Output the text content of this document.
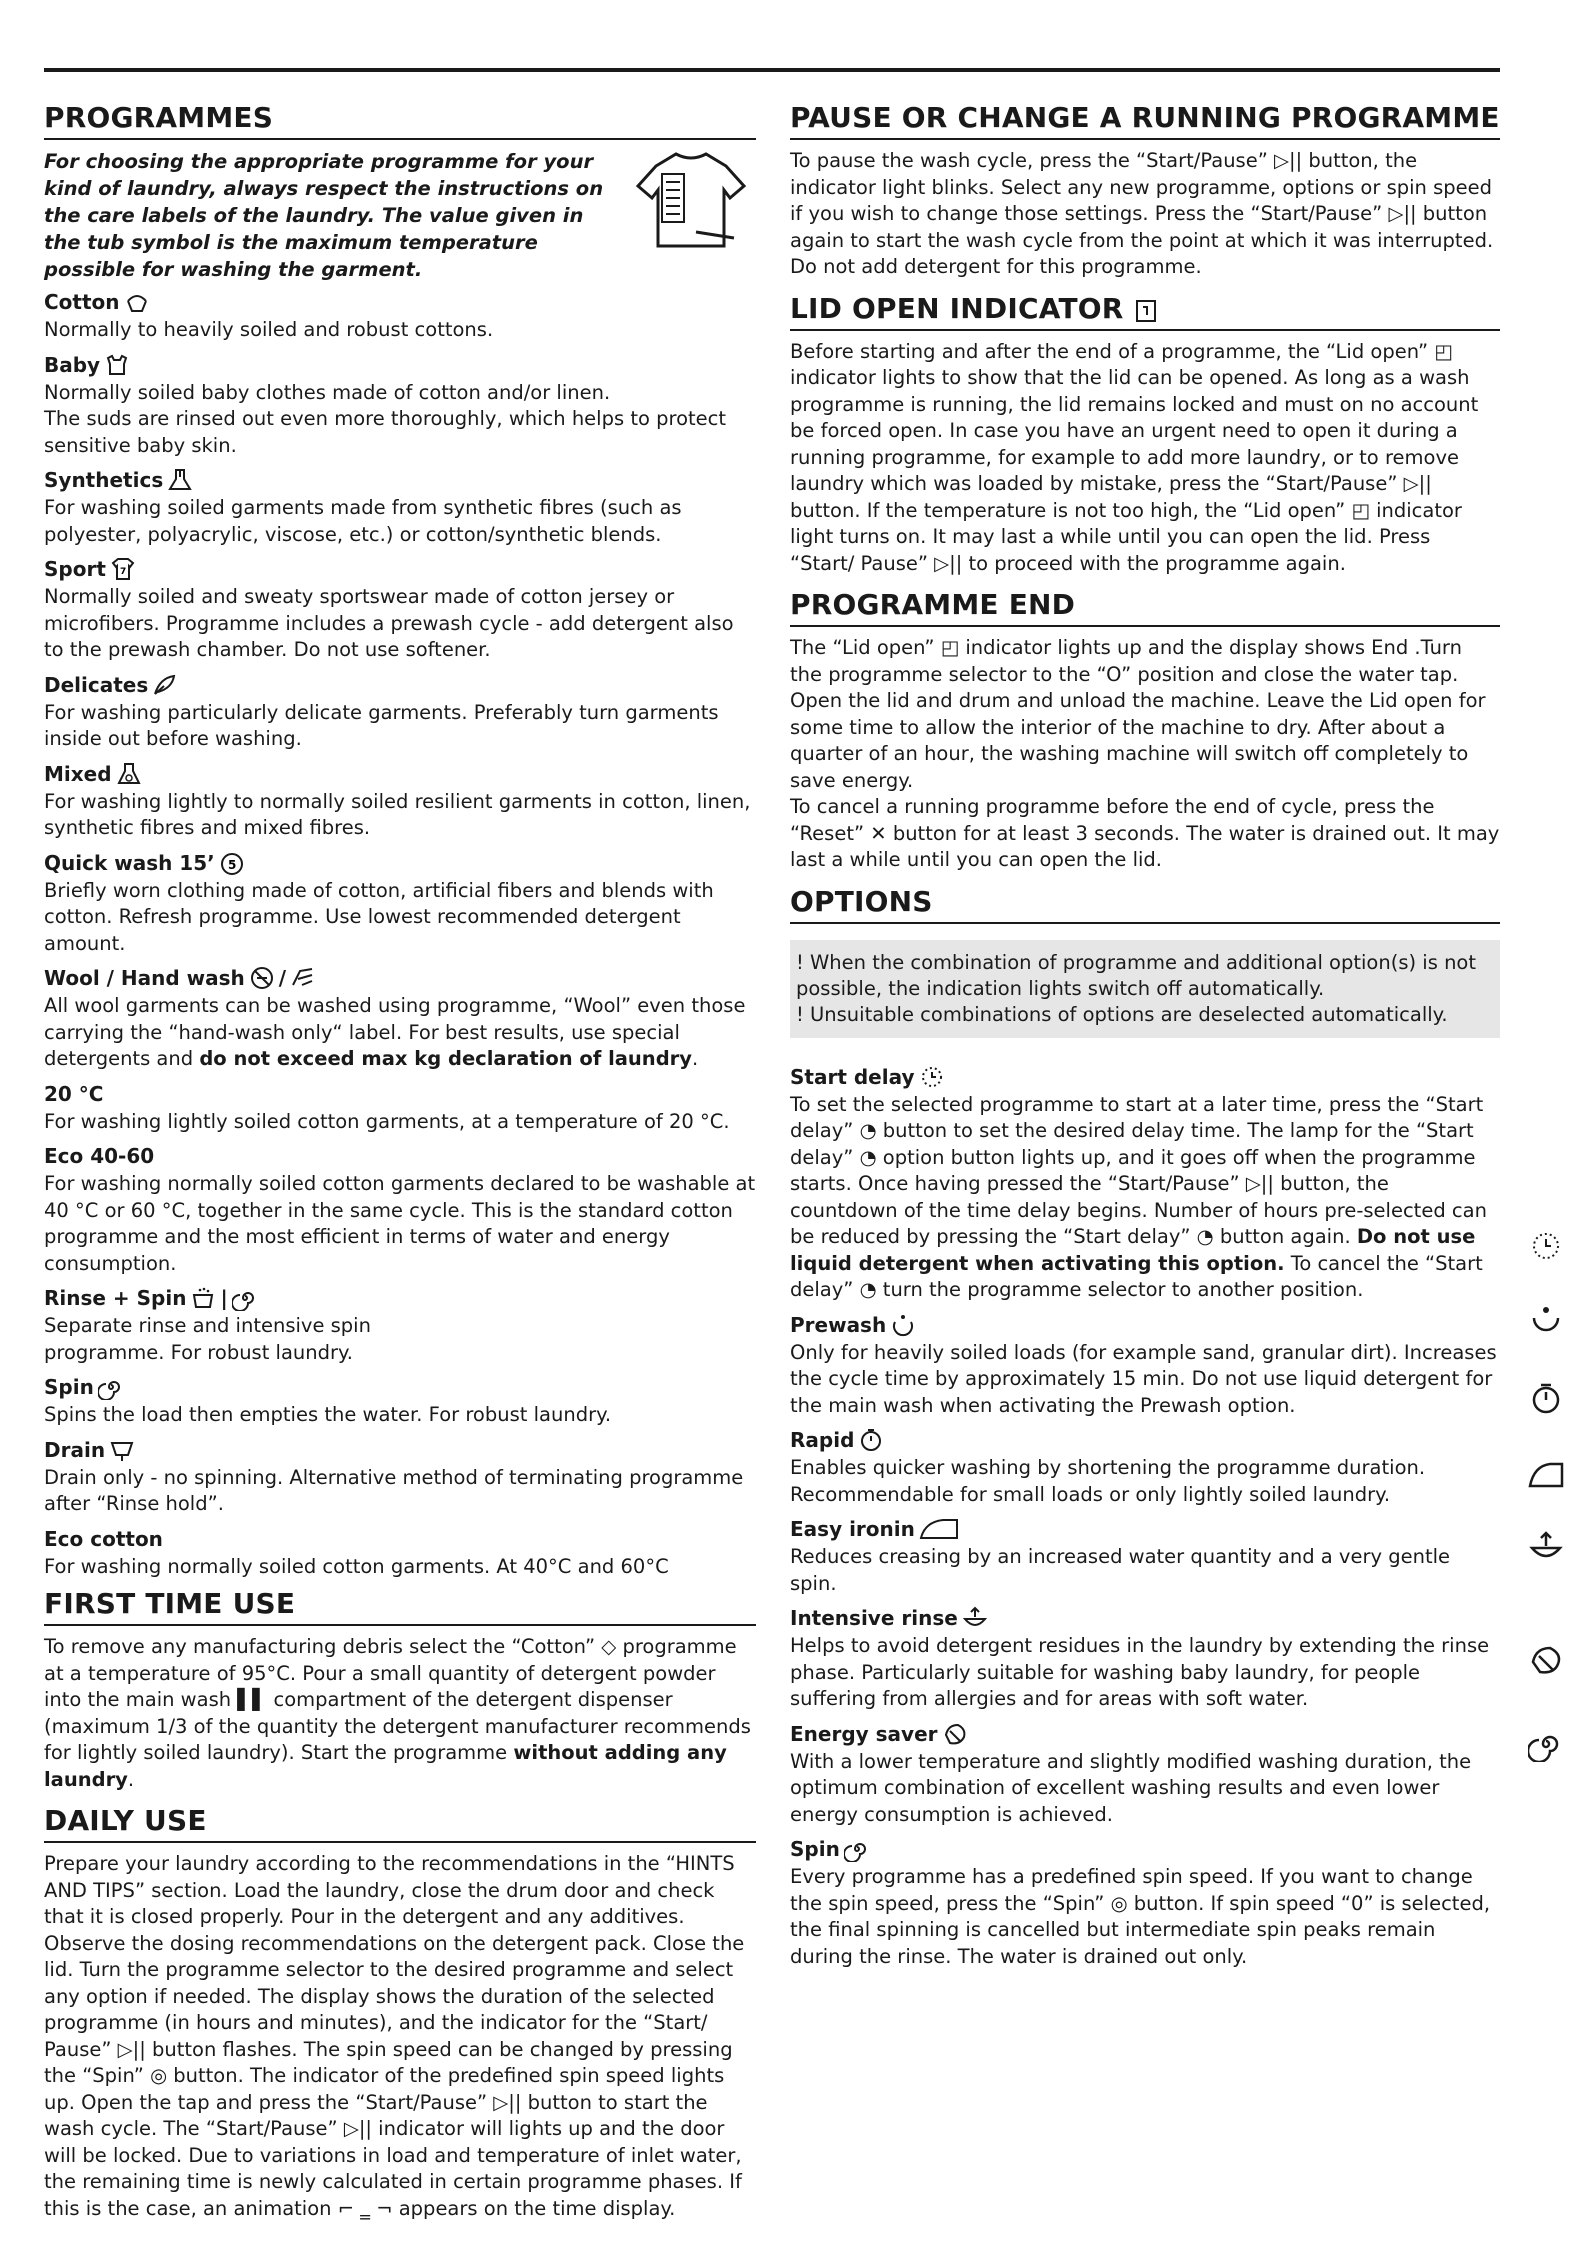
PROGRAMMES
For choosing the appropriate programme for your kind of laundry, always respect the instructions on the care labels of the laundry. The value given in the tub symbol is the maximum temperature possible for washing the garment.
Cotton
Normally to heavily soiled and robust cottons.
Baby
Normally soiled baby clothes made of cotton and/or linen.
The suds are rinsed out even more thoroughly, which helps to protect sensitive baby skin.
Synthetics
For washing soiled garments made from synthetic fibres (such as polyester, polyacrylic, viscose, etc.) or cotton/synthetic blends.
Sport 7
Normally soiled and sweaty sportswear made of cotton jersey or microfibers. Programme includes a prewash cycle - add detergent also to the prewash chamber. Do not use softener.
Delicates
For washing particularly delicate garments. Preferably turn garments inside out before washing.
Mixed
For washing lightly to normally soiled resilient garments in cotton, linen, synthetic fibres and mixed fibres.
Quick wash 15’ 5
Briefly worn clothing made of cotton, artificial fibers and blends with cotton. Refresh programme. Use lowest recommended detergent amount.
Wool / Hand wash /
All wool garments can be washed using programme, “Wool” even those carrying the “hand-wash only“ label. For best results, use special detergents and do not exceed max kg declaration of laundry.
20 °C
For washing lightly soiled cotton garments, at a temperature of 20 °C.
Eco 40-60
For washing normally soiled cotton garments declared to be washable at 40 °C or 60 °C, together in the same cycle. This is the standard cotton programme and the most efficient in terms of water and energy consumption.
Rinse + Spin |
Separate rinse and intensive spin programme. For robust laundry.
Spin
Spins the load then empties the water. For robust laundry.
Drain
Drain only - no spinning. Alternative method of terminating programme after “Rinse hold”.
Eco cotton
For washing normally soiled cotton garments. At 40°C and 60°C
FIRST TIME USE

To remove any manufacturing debris select the “Cotton” ◇ programme at a temperature of 95°C. Pour a small quantity of detergent powder into the main wash ▌▌ compartment of the detergent dispenser (maximum 1/3 of the quantity the detergent manufacturer recommends for lightly soiled laundry). Start the programme without adding any laundry.

DAILY USE

Prepare your laundry according to the recommendations in the “HINTS AND TIPS” section. Load the laundry, close the drum door and check that it is closed properly. Pour in the detergent and any additives. Observe the dosing recommendations on the detergent pack. Close the lid. Turn the programme selector to the desired programme and select any option if needed. The display shows the duration of the selected programme (in hours and minutes), and the indicator for the “Start/ Pause” ▷|| button flashes. The spin speed can be changed by pressing the “Spin” ◎ button. The indicator of the predefined spin speed lights up. Open the tap and press the “Start/Pause” ▷|| button to start the wash cycle. The “Start/Pause” ▷|| indicator will lights up and the door will be locked. Due to variations in load and temperature of inlet water, the remaining time is newly calculated in certain programme phases. If this is the case, an animation ⌐ ‗ ¬ appears on the time display.

PAUSE OR CHANGE A RUNNING PROGRAMME

To pause the wash cycle, press the “Start/Pause” ▷|| button, the indicator light blinks. Select any new programme, options or spin speed if you wish to change those settings. Press the “Start/Pause” ▷|| button again to start the wash cycle from the point at which it was interrupted. Do not add detergent for this programme.

LID OPEN INDICATOR

Before starting and after the end of a programme, the “Lid open” ◰ indicator lights to show that the lid can be opened. As long as a wash programme is running, the lid remains locked and must on no account be forced open. In case you have an urgent need to open it during a running programme, for example to add more laundry, or to remove laundry which was loaded by mistake, press the “Start/Pause” ▷|| button. If the temperature is not too high, the “Lid open” ◰ indicator light turns on. It may last a while until you can open the lid. Press “Start/ Pause” ▷|| to proceed with the programme again.

PROGRAMME END

The “Lid open” ◰ indicator lights up and the display shows End .Turn the programme selector to the “O” position and close the water tap. Open the lid and drum and unload the machine. Leave the Lid open for some time to allow the interior of the machine to dry. After about a quarter of an hour, the washing machine will switch off completely to save energy.

To cancel a running programme before the end of cycle, press the “Reset” ✕ button for at least 3 seconds. The water is drained out. It may last a while until you can open the lid.

OPTIONS
! When the combination of programme and additional option(s) is not possible, the indication lights switch off automatically.
! Unsuitable combinations of options are deselected automatically.
Start delay
To set the selected programme to start at a later time, press the “Start delay” ◔ button to set the desired delay time. The lamp for the “Start delay” ◔ option button lights up, and it goes off when the programme starts. Once having pressed the “Start/Pause” ▷|| button, the countdown of the time delay begins. Number of hours pre-selected can be reduced by pressing the “Start delay” ◔ button again. Do not use liquid detergent when activating this option. To cancel the “Start delay” ◔ turn the programme selector to another position.
Prewash
Only for heavily soiled loads (for example sand, granular dirt). Increases the cycle time by approximately 15 min. Do not use liquid detergent for the main wash when activating the Prewash option.
Rapid
Enables quicker washing by shortening the programme duration. Recommendable for small loads or only lightly soiled laundry.
Easy ironin
Reduces creasing by an increased water quantity and a very gentle spin.
Intensive rinse
Helps to avoid detergent residues in the laundry by extending the rinse phase. Particularly suitable for washing baby laundry, for people suffering from allergies and for areas with soft water.
Energy saver
With a lower temperature and slightly modified washing duration, the optimum combination of excellent washing results and even lower energy consumption is achieved.
Spin
Every programme has a predefined spin speed. If you want to change the spin speed, press the “Spin” ◎ button. If spin speed “0” is selected, the final spinning is cancelled but intermediate spin peaks remain during the rinse. The water is drained out only.
